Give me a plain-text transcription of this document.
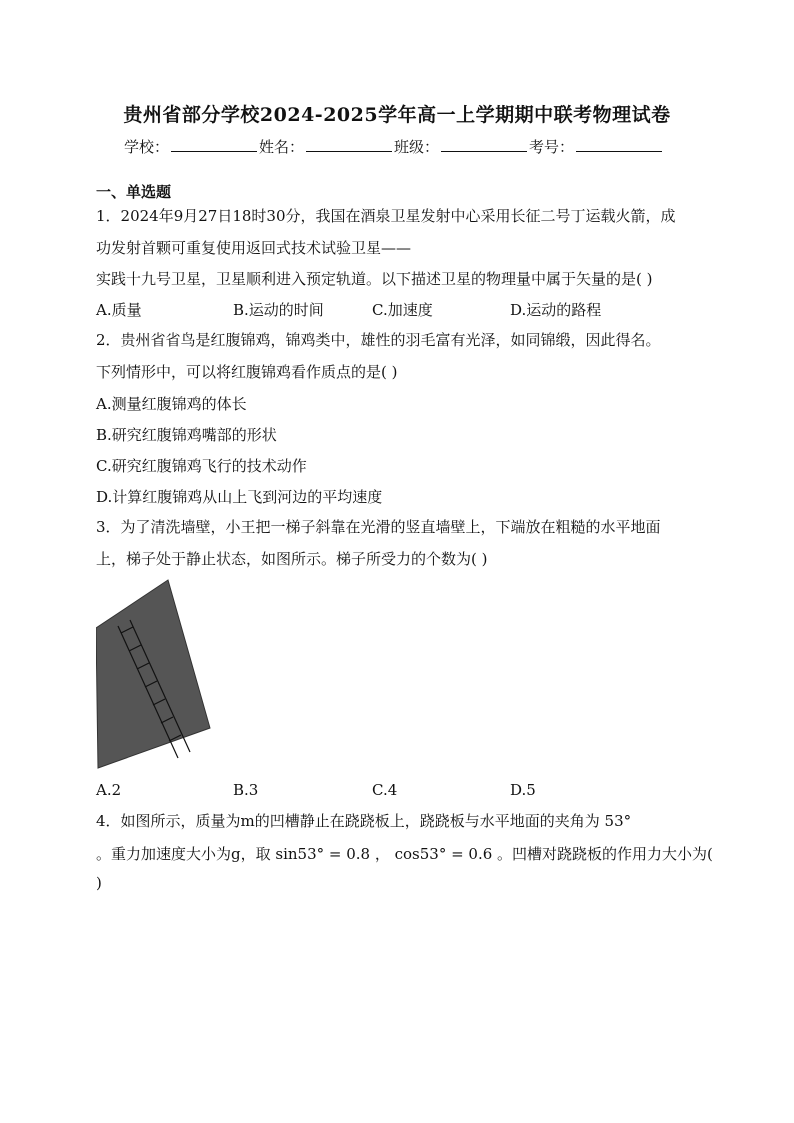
贵州省部分学校2024-2025学年高一上学期期中联考物理试卷
学校：	姓名：	班级：	考号：
一、单选题
1．2024年9月27日18时30分，我国在酒泉卫星发射中心采用长征二号丁运载火箭，成
功发射首颗可重复使用返回式技术试验卫星——
实践十九号卫星，卫星顺利进入预定轨道。以下描述卫星的物理量中属于矢量的是( )
A.质量	B.运动的时间	C.加速度	D.运动的路程
2．贵州省省鸟是红腹锦鸡，锦鸡类中，雄性的羽毛富有光泽，如同锦缎，因此得名。
下列情形中，可以将红腹锦鸡看作质点的是( )
A.测量红腹锦鸡的体长
B.研究红腹锦鸡嘴部的形状
C.研究红腹锦鸡飞行的技术动作
D.计算红腹锦鸡从山上飞到河边的平均速度
3．为了清洗墙壁，小王把一梯子斜靠在光滑的竖直墙壁上，下端放在粗糙的水平地面
上，梯子处于静止状态，如图所示。梯子所受力的个数为( )
A.2	B.3	C.4	D.5
4．如图所示，质量为m的凹槽静止在跷跷板上，跷跷板与水平地面的夹角为 53°
。重力加速度大小为g，取 sin53° = 0.8 ， cos53° = 0.6 。凹槽对跷跷板的作用力大小为(
)
